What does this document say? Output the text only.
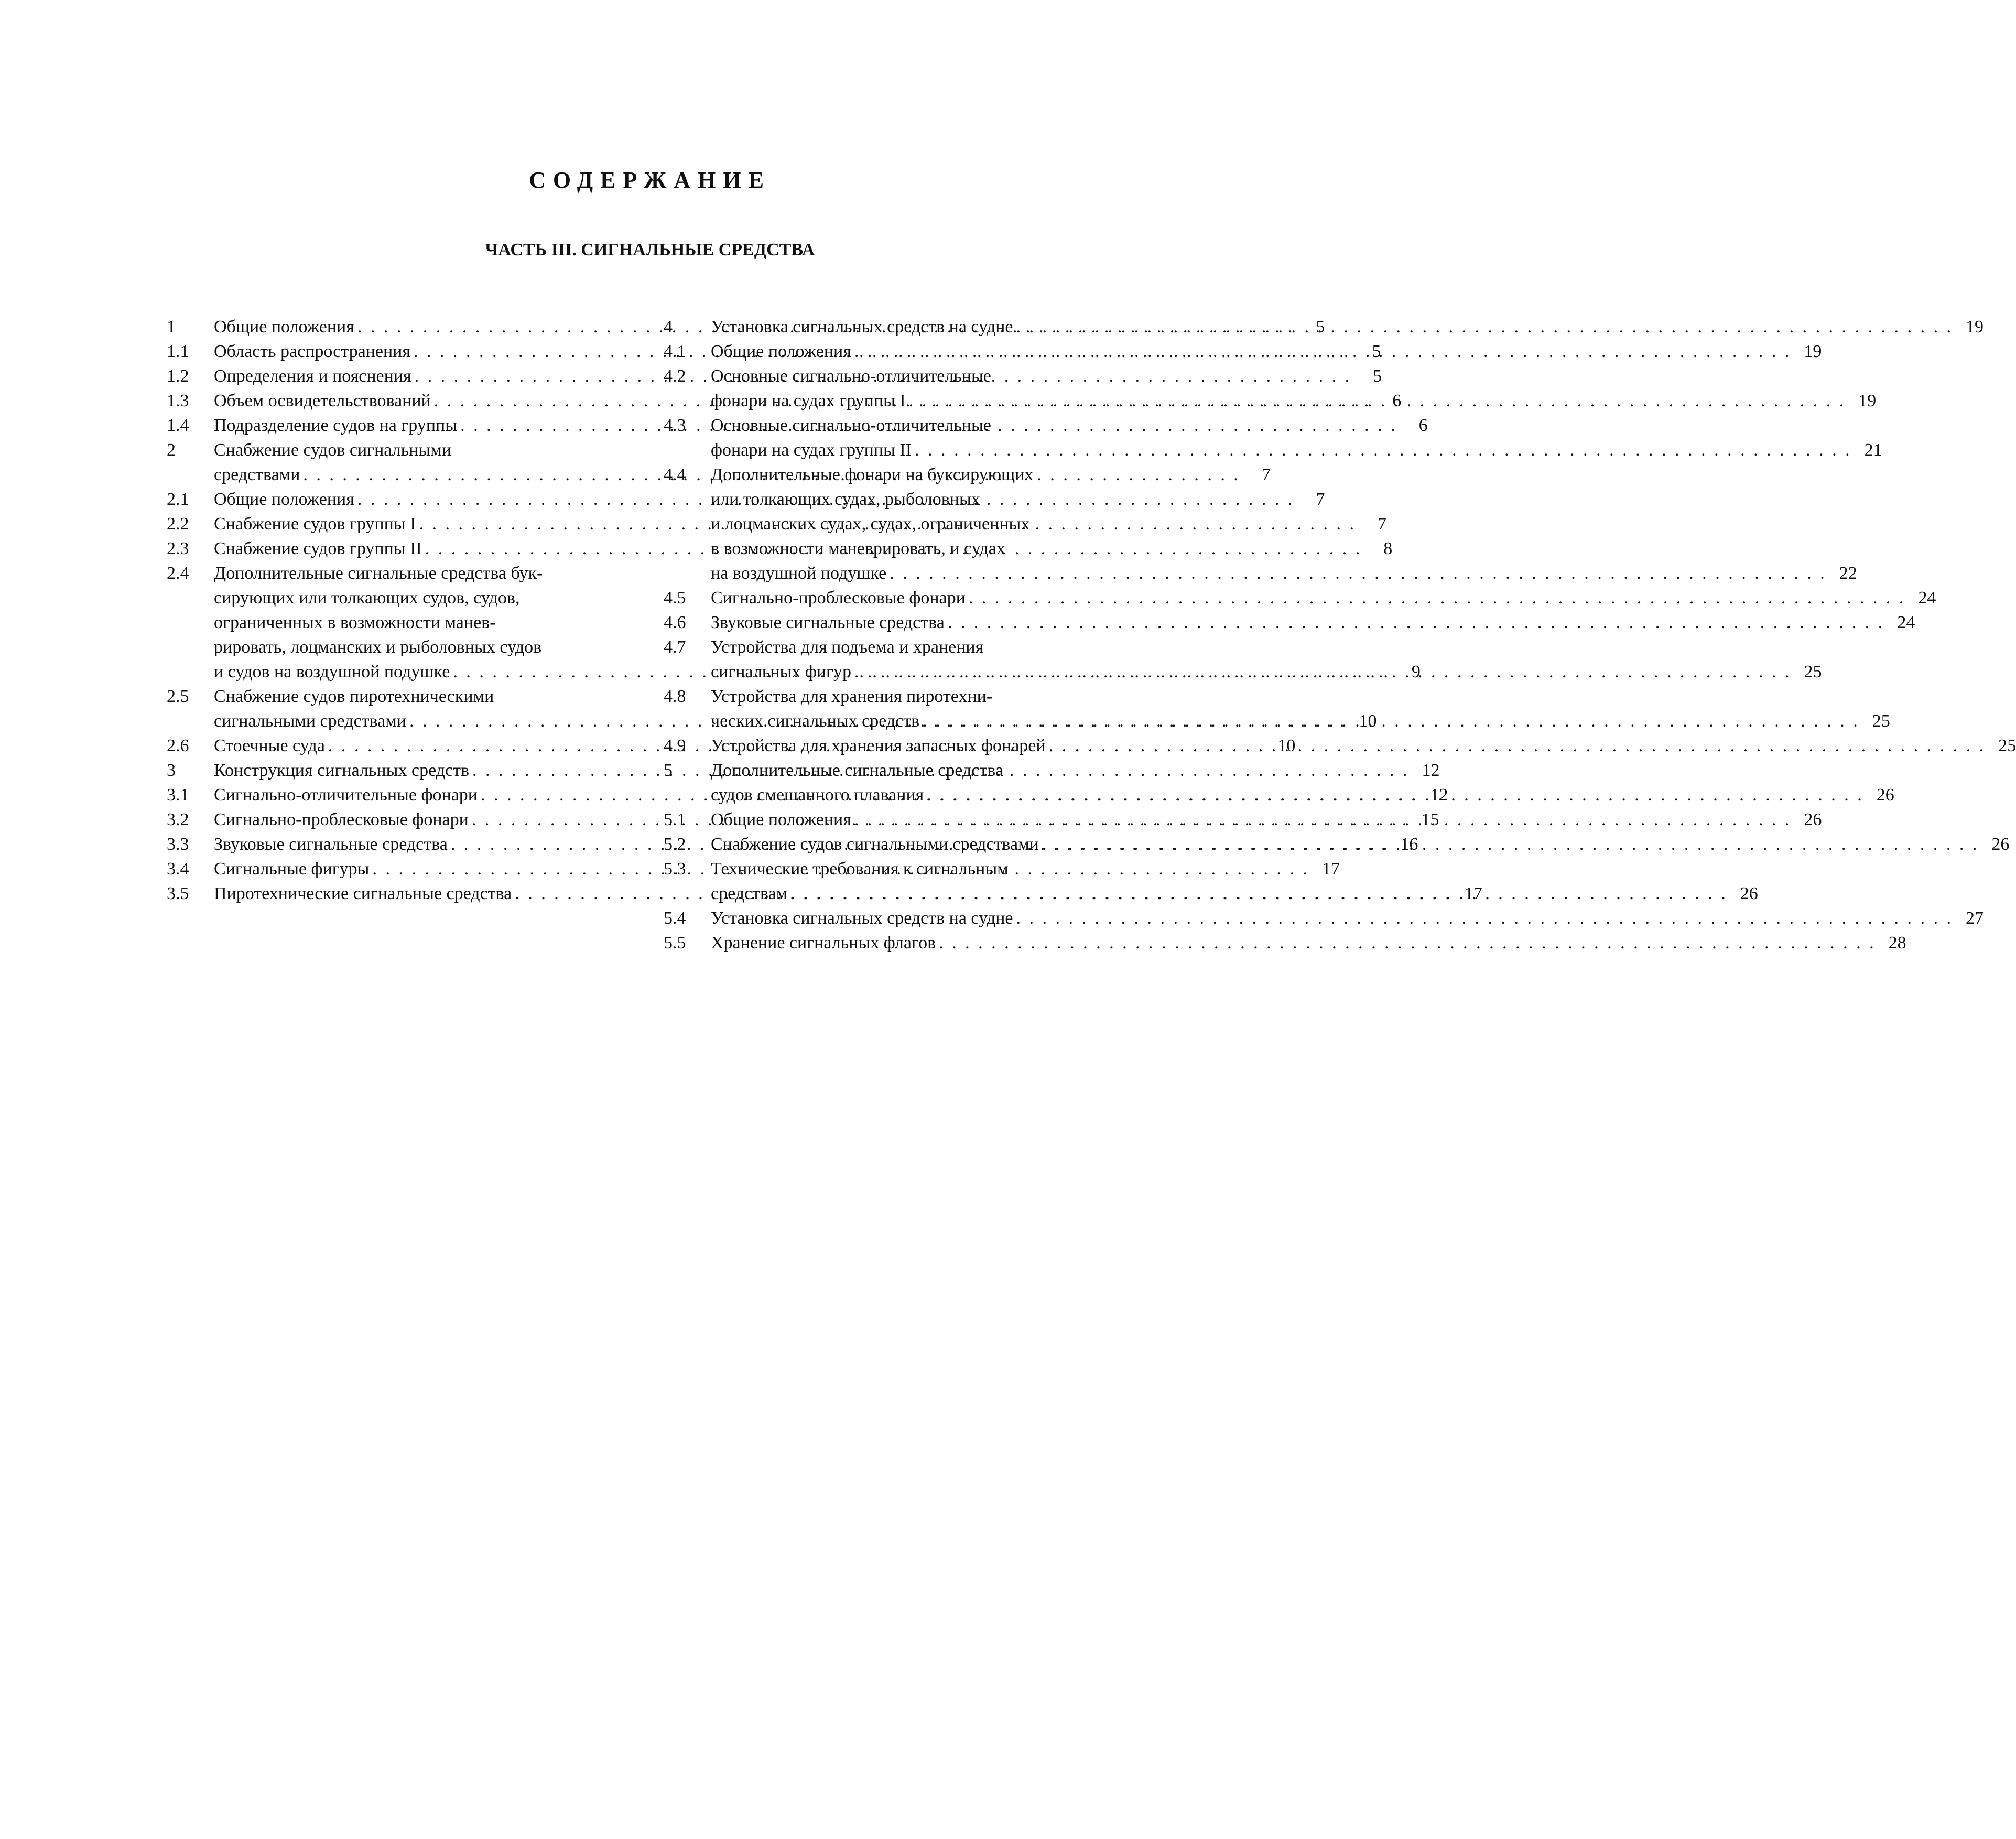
СОДЕРЖАНИЕ
ЧАСТЬ III. СИГНАЛЬНЫЕ СРЕДСТВА
1	Общие положения . . .	5
1.1	Область распространения . . .	5
1.2	Определения и пояснения . . .	5
1.3	Объем освидетельствований . . .	6
1.4	Подразделение судов на группы . . .	6
2	Снабжение судов сигнальными
средствами . . .	7
2.1	Общие положения . . .	7
2.2	Снабжение судов группы I . . .	7
2.3	Снабжение судов группы II . . .	8
2.4	Дополнительные сигнальные средства бук-
сирующих или толкающих судов, судов,
ограниченных в возможности манев-
рировать, лоцманских и рыболовных судов
и судов на воздушной подушке . . .	9
2.5	Снабжение судов пиротехническими
сигнальными средствами . . .	10
2.6	Стоечные суда . . .	10
3	Конструкция сигнальных средств . . .	12
3.1	Сигнально-отличительные фонари . . .	12
3.2	Сигнально-проблесковые фонари . . .	15
3.3	Звуковые сигнальные средства . . .	16
3.4	Сигнальные фигуры . . .	17
3.5	Пиротехнические сигнальные средства . . .	17
4	Установка сигнальных средств на судне . . .	19
4.1	Общие положения . . .	19
4.2	Основные сигнально-отличительные
фонари на судах группы I . . .	19
4.3	Основные сигнально-отличительные
фонари на судах группы II . . .	21
4.4	Дополнительные фонари на буксирующих
или толкающих судах, рыболовных
и лоцманских судах, судах, ограниченных
в возможности маневрировать, и судах
на воздушной подушке . . .	22
4.5	Сигнально-проблесковые фонари . . .	24
4.6	Звуковые сигнальные средства . . .	24
4.7	Устройства для подъема и хранения
сигнальных фигур . . .	25
4.8	Устройства для хранения пиротехни-
ческих сигнальных средств . . .	25
4.9	Устройства для хранения запасных фонарей . . .	25
5	Дополнительные сигнальные средства
судов смешанного плавания . . .	26
5.1	Общие положения . . .	26
5.2	Снабжение судов сигнальными средствами . . .	26
5.3	Технические требования к сигнальным
средствам . . .	26
5.4	Установка сигнальных средств на судне . . .	27
5.5	Хранение сигнальных флагов . . .	28
